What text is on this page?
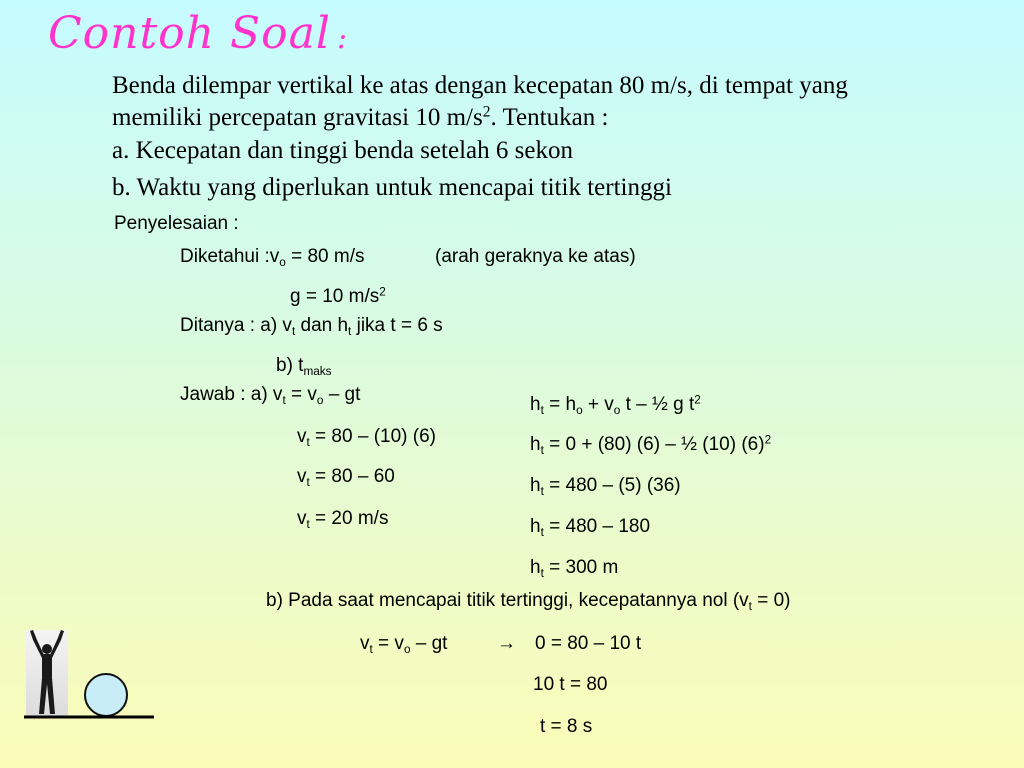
Contoh Soal :
Benda dilempar vertikal ke atas dengan kecepatan 80 m/s, di tempat yang
memiliki percepatan gravitasi 10 $m/s^2$. Tentukan :
a. Kecepatan dan tinggi benda setelah 6 sekon
b. Waktu yang diperlukan untuk mencapai titik tertinggi
Penyelesaian :
Diketahui $:v_o = 80$ m/s	(arah geraknya ke atas)
g = 10 $m/s^2$
Ditanya : a) $v_t$ dan $h_t$ jika t = 6 s
b) $t_{maks}$
Jawab : a) $v_t = v_o$ – gt
$v_t = 80 - (10)$ (6)
$v_t = 80 - 60$
$v_t = 20$ m/s
$h_t = h_o + v_o$ t – ½ g $t^2$
$h_t = 0 + (80)$ (6) – ½ (10) $(6)^2$
$h_t = 480 - (5)$ (36)
$h_t = 480 - 180$
$h_t = 300$ m
b) Pada saat mencapai titik tertinggi, kecepatannya nol $(v_t = 0)$
$v_t = v_o$ – gt	→ 0 = 80 – 10 t
10 t = 80
t = 8 s
